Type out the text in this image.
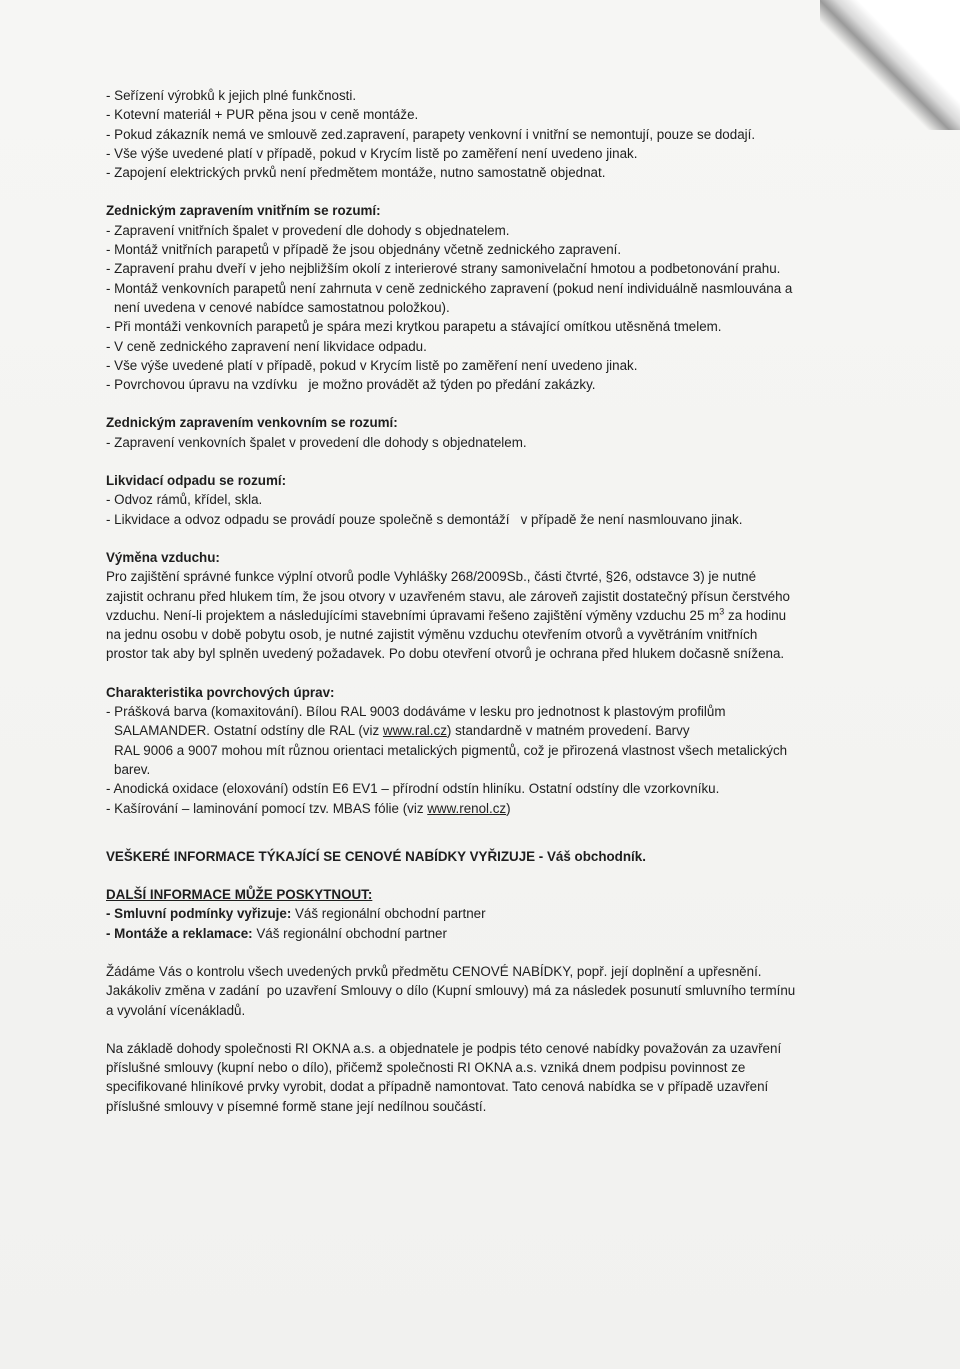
- Seřízení výrobků k jejich plné funkčnosti.
- Kotevní materiál + PUR pěna jsou v ceně montáže.
- Pokud zákazník nemá ve smlouvě zed.zapravení, parapety venkovní i vnitřní se nemontují, pouze se dodají.
- Vše výše uvedené platí v případě, pokud v Krycím listě po zaměření není uvedeno jinak.
- Zapojení elektrických prvků není předmětem montáže, nutno samostatně objednat.
Zednickým zapravením vnitřním se rozumí:
- Zapravení vnitřních špalet v provedení dle dohody s objednatelem.
- Montáž vnitřních parapetů v případě že jsou objednány včetně zednického zapravení.
- Zapravení prahu dveří v jeho nejbližším okolí z interierové strany samonivelační hmotou a podbetonování prahu.
- Montáž venkovních parapetů není zahrnuta v ceně zednického zapravení (pokud není individuálně nasmlouvána a
není uvedena v cenové nabídce samostatnou položkou).
- Při montáži venkovních parapetů je spára mezi krytkou parapetu a stávající omítkou utěsněná tmelem.
- V ceně zednického zapravení není likvidace odpadu.
- Vše výše uvedené platí v případě, pokud v Krycím listě po zaměření není uvedeno jinak.
- Povrchovou úpravu na vzdívku   je možno provádět až týden po předání zakázky.
Zednickým zapravením venkovním se rozumí:
- Zapravení venkovních špalet v provedení dle dohody s objednatelem.
Likvidací odpadu se rozumí:
- Odvoz rámů, křídel, skla.
- Likvidace a odvoz odpadu se provádí pouze společně s demontáží   v případě že není nasmlouvano jinak.
Výměna vzduchu:
Pro zajištění správné funkce výplní otvorů podle Vyhlášky 268/2009Sb., části čtvrté, §26, odstavce 3) je nutné
zajistit ochranu před hlukem tím, že jsou otvory v uzavřeném stavu, ale zároveň zajistit dostatečný přísun čerstvého
vzduchu. Není-li projektem a následujícími stavebními úpravami řešeno zajištění výměny vzduchu 25 $m^3$ za hodinu
na jednu osobu v době pobytu osob, je nutné zajistit výměnu vzduchu otevřením otvorů a vyvětráním vnitřních
prostor tak aby byl splněn uvedený požadavek. Po dobu otevření otvorů je ochrana před hlukem dočasně snížena.
Charakteristika povrchových úprav:
- Prášková barva (komaxitování). Bílou RAL 9003 dodáváme v lesku pro jednotnost k plastovým profilům
SALAMANDER. Ostatní odstíny dle RAL (viz www.ral.cz) standardně v matném provedení. Barvy
RAL 9006 a 9007 mohou mít různou orientaci metalických pigmentů, což je přirozená vlastnost všech metalických
barev.
- Anodická oxidace (eloxování) odstín E6 EV1 – přírodní odstín hliníku. Ostatní odstíny dle vzorkovníku.
- Kašírování – laminování pomocí tzv. MBAS fólie (viz www.renol.cz)
VEŠKERÉ INFORMACE TÝKAJÍCÍ SE CENOVÉ NABÍDKY VYŘIZUJE - Váš obchodník.
DALŠÍ INFORMACE MŮŽE POSKYTNOUT:
- Smluvní podmínky vyřizuje: Váš regionální obchodní partner
- Montáže a reklamace: Váš regionální obchodní partner
Žádáme Vás o kontrolu všech uvedených prvků předmětu CENOVÉ NABÍDKY, popř. její doplnění a upřesnění.
Jakákoliv změna v zadání  po uzavření Smlouvy o dílo (Kupní smlouvy) má za následek posunutí smluvního termínu
a vyvolání vícenákladů.
Na základě dohody společnosti RI OKNA a.s. a objednatele je podpis této cenové nabídky považován za uzavření
příslušné smlouvy (kupní nebo o dílo), přičemž společnosti RI OKNA a.s. vzniká dnem podpisu povinnost ze
specifikované hliníkové prvky vyrobit, dodat a případně namontovat. Tato cenová nabídka se v případě uzavření
příslušné smlouvy v písemné formě stane její nedílnou součástí.
